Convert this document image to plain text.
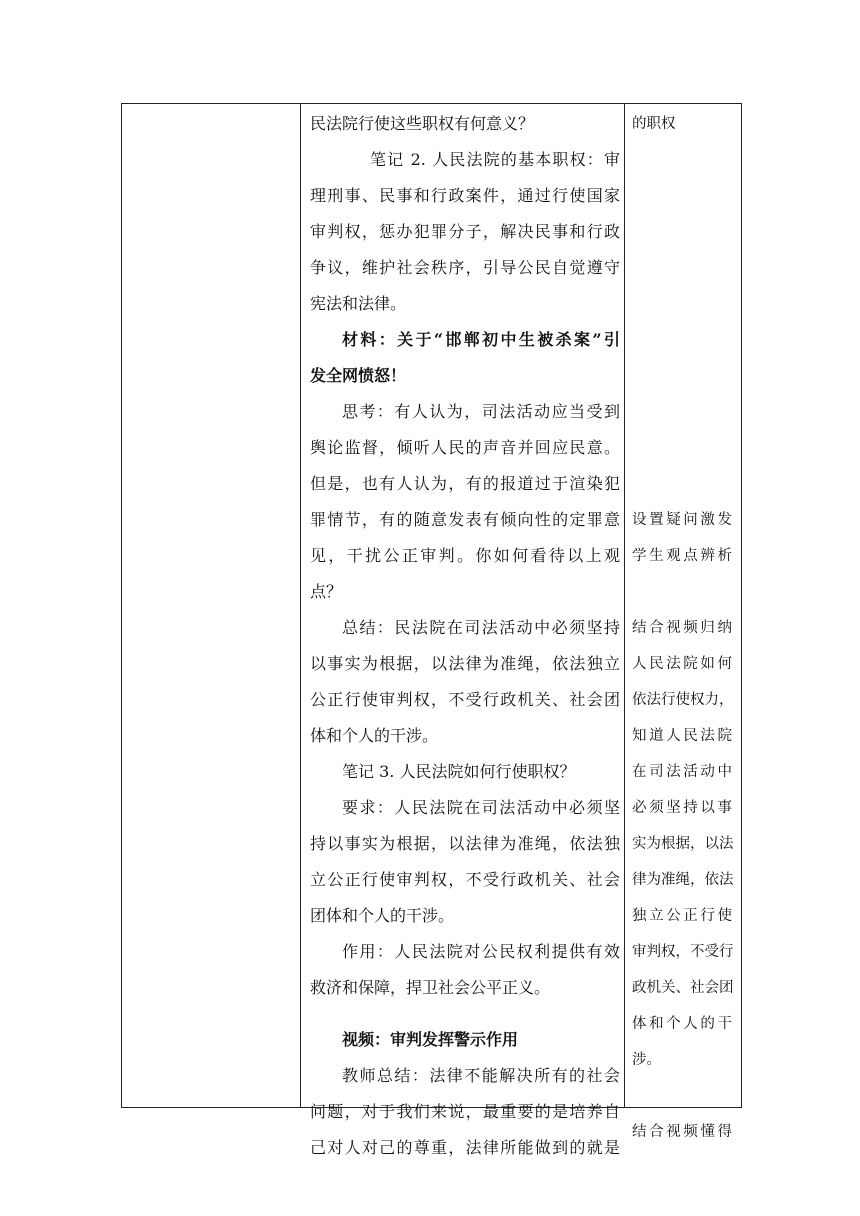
民法院行使这些职权有何意义？
笔记 2. 人民法院的基本职权：审
理刑事、民事和行政案件，通过行使国家
审判权，惩办犯罪分子，解决民事和行政
争议，维护社会秩序，引导公民自觉遵守
宪法和法律。
材料：关于“邯郸初中生被杀案”引
发全网愤怒！
思考：有人认为，司法活动应当受到
舆论监督，倾听人民的声音并回应民意。
但是，也有人认为，有的报道过于渲染犯
罪情节，有的随意发表有倾向性的定罪意
见，干扰公正审判。你如何看待以上观
点？
总结：民法院在司法活动中必须坚持
以事实为根据，以法律为准绳，依法独立
公正行使审判权，不受行政机关、社会团
体和个人的干涉。
笔记 3. 人民法院如何行使职权？
要求：人民法院在司法活动中必须坚
持以事实为根据，以法律为准绳，依法独
立公正行使审判权，不受行政机关、社会
团体和个人的干涉。
作用：人民法院对公民权利提供有效
救济和保障，捍卫社会公平正义。
视频：审判发挥警示作用
教师总结：法律不能解决所有的社会
问题，对于我们来说，最重要的是培养自
己对人对己的尊重，法律所能做到的就是
的职权
设置疑问激发
学生观点辨析
结合视频归纳
人民法院如何
依法行使权力，
知道人民法院
在司法活动中
必须坚持以事
实为根据，以法
律为准绳，依法
独立公正行使
审判权，不受行
政机关、社会团
体和个人的干
涉。
结合视频懂得
